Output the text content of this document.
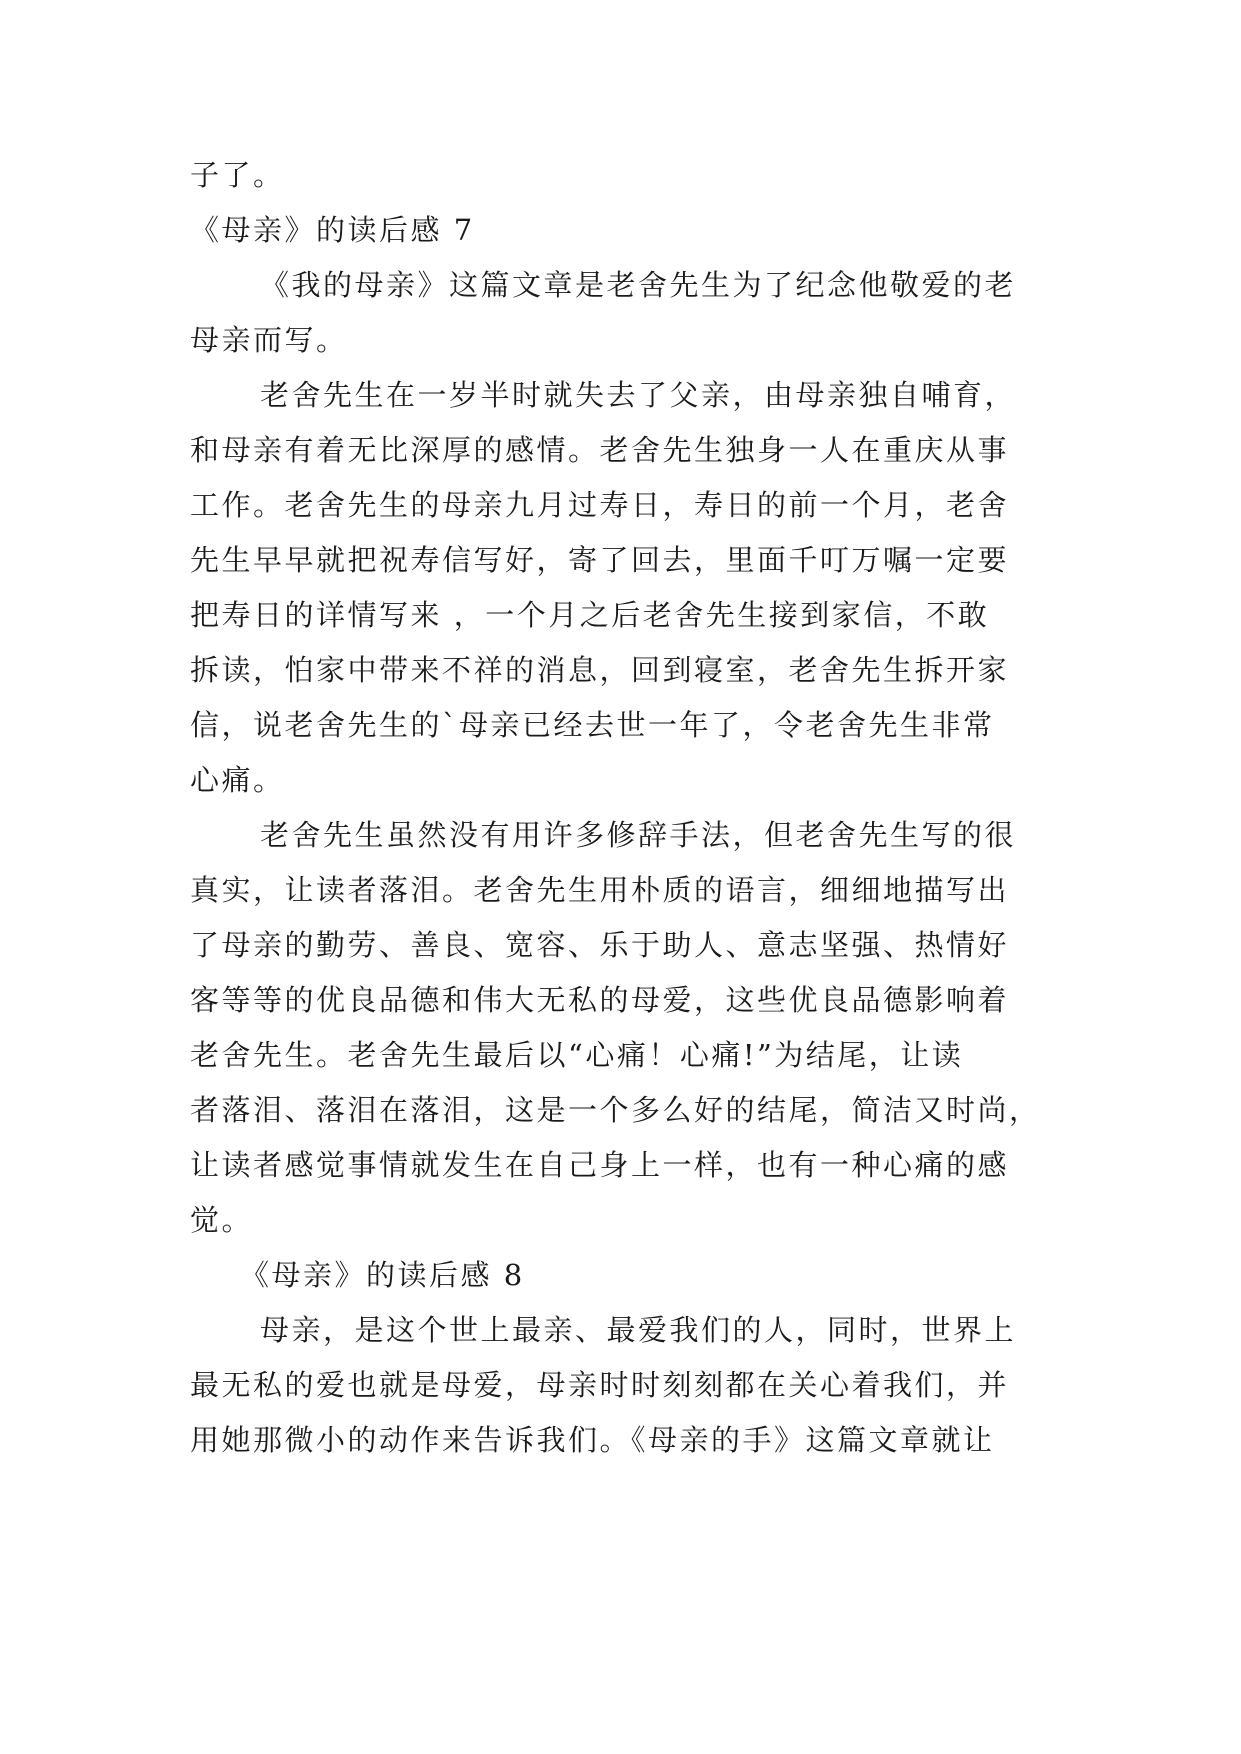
子了。
《母亲》的读后感 7
《我的母亲》这篇文章是老舍先生为了纪念他敬爱的老
母亲而写。
老舍先生在一岁半时就失去了父亲，由母亲独自哺育，
和母亲有着无比深厚的感情。老舍先生独身一人在重庆从事
工作。老舍先生的母亲九月过寿日，寿日的前一个月，老舍
先生早早就把祝寿信写好，寄了回去，里面千叮万嘱一定要
把寿日的详情写来 ，一个月之后老舍先生接到家信，不敢
拆读，怕家中带来不祥的消息，回到寝室，老舍先生拆开家
信，说老舍先生的`母亲已经去世一年了，令老舍先生非常
心痛。
老舍先生虽然没有用许多修辞手法，但老舍先生写的很
真实，让读者落泪。老舍先生用朴质的语言，细细地描写出
了母亲的勤劳、善良、宽容、乐于助人、意志坚强、热情好
客等等的优良品德和伟大无私的母爱，这些优良品德影响着
老舍先生。老舍先生最后以“心痛！心痛!”为结尾，让读
者落泪、落泪在落泪，这是一个多么好的结尾，简洁又时尚，
让读者感觉事情就发生在自己身上一样，也有一种心痛的感
觉。
《母亲》的读后感 8
母亲，是这个世上最亲、最爱我们的人，同时，世界上
最无私的爱也就是母爱，母亲时时刻刻都在关心着我们，并
用她那微小的动作来告诉我们。《母亲的手》这篇文章就让
